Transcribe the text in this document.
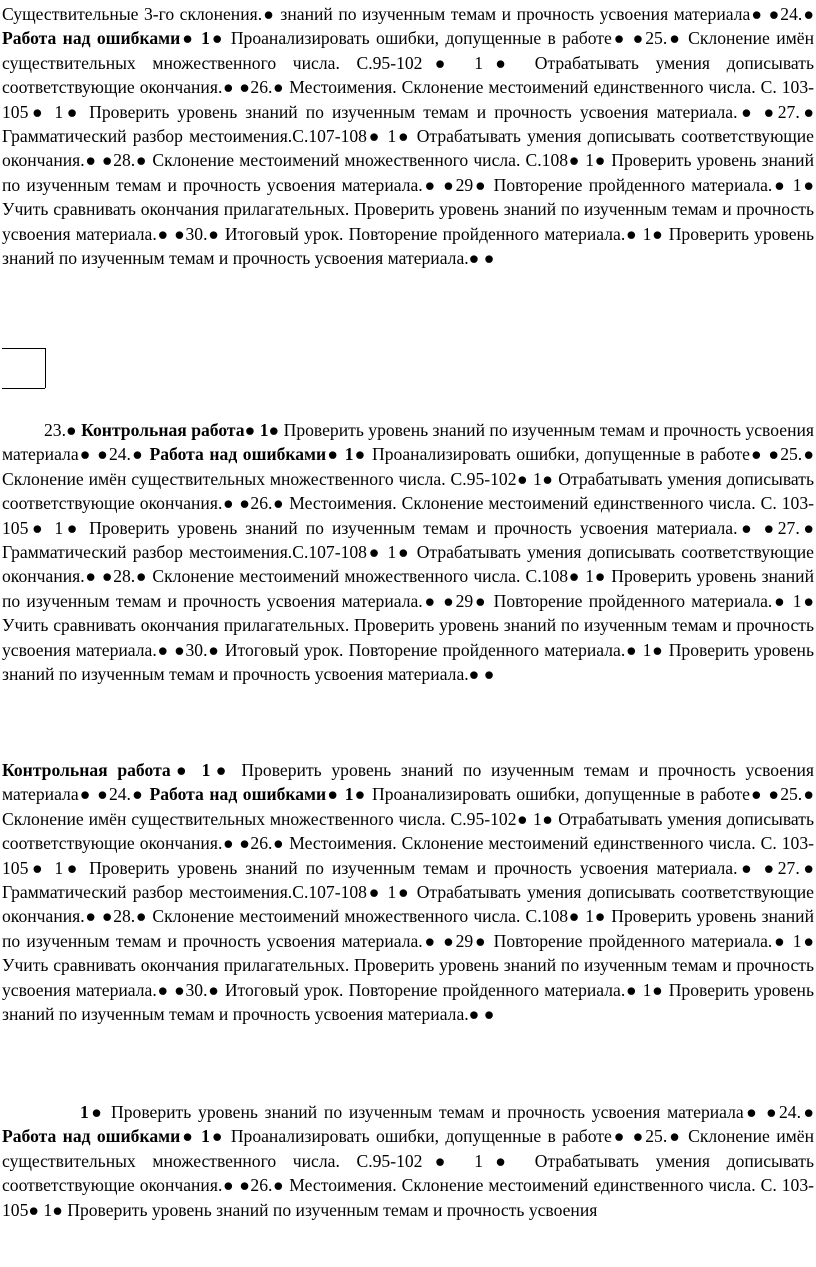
Существительные 3-го склонения.● знаний по изученным темам и прочность усвоения материала● ●24.● Работа над ошибками● 1● Проанализировать ошибки, допущенные в работе● ●25.● Склонение имён существительных множественного числа. С.95-102● 1● Отрабатывать умения дописывать соответствующие окончания.● ●26.● Местоимения. Склонение местоимений единственного числа. С. 103-105● 1● Проверить уровень знаний по изученным темам и прочность усвоения материала.● ●27.● Грамматический разбор местоимения.С.107-108● 1● Отрабатывать умения дописывать соответствующие окончания.● ●28.● Склонение местоимений множественного числа. С.108● 1● Проверить уровень знаний по изученным темам и прочность усвоения материала.● ●29● Повторение пройденного материала.● 1● Учить сравнивать окончания прилагательных. Проверить уровень знаний по изученным темам и прочность усвоения материала.● ●30.● Итоговый урок. Повторение пройденного материала.● 1● Проверить уровень знаний по изученным темам и прочность усвоения материала.● ●

23.● Контрольная работа● 1● Проверить уровень знаний по изученным темам и прочность усвоения материала● ●24.● Работа над ошибками● 1● Проанализировать ошибки, допущенные в работе● ●25.● Склонение имён существительных множественного числа. С.95-102● 1● Отрабатывать умения дописывать соответствующие окончания.● ●26.● Местоимения. Склонение местоимений единственного числа. С. 103-105● 1● Проверить уровень знаний по изученным темам и прочность усвоения материала.● ●27.● Грамматический разбор местоимения.С.107-108● 1● Отрабатывать умения дописывать соответствующие окончания.● ●28.● Склонение местоимений множественного числа. С.108● 1● Проверить уровень знаний по изученным темам и прочность усвоения материала.● ●29● Повторение пройденного материала.● 1● Учить сравнивать окончания прилагательных. Проверить уровень знаний по изученным темам и прочность усвоения материала.● ●30.● Итоговый урок. Повторение пройденного материала.● 1● Проверить уровень знаний по изученным темам и прочность усвоения материала.● ●

Контрольная работа● 1● Проверить уровень знаний по изученным темам и прочность усвоения материала● ●24.● Работа над ошибками● 1● Проанализировать ошибки, допущенные в работе● ●25.● Склонение имён существительных множественного числа. С.95-102● 1● Отрабатывать умения дописывать соответствующие окончания.● ●26.● Местоимения. Склонение местоимений единственного числа. С. 103-105● 1● Проверить уровень знаний по изученным темам и прочность усвоения материала.● ●27.● Грамматический разбор местоимения.С.107-108● 1● Отрабатывать умения дописывать соответствующие окончания.● ●28.● Склонение местоимений множественного числа. С.108● 1● Проверить уровень знаний по изученным темам и прочность усвоения материала.● ●29● Повторение пройденного материала.● 1● Учить сравнивать окончания прилагательных. Проверить уровень знаний по изученным темам и прочность усвоения материала.● ●30.● Итоговый урок. Повторение пройденного материала.● 1● Проверить уровень знаний по изученным темам и прочность усвоения материала.● ●

1● Проверить уровень знаний по изученным темам и прочность усвоения материала● ●24.● Работа над ошибками● 1● Проанализировать ошибки, допущенные в работе● ●25.● Склонение имён существительных множественного числа. С.95-102● 1● Отрабатывать умения дописывать соответствующие окончания.● ●26.● Местоимения. Склонение местоимений единственного числа. С. 103-105● 1● Проверить уровень знаний по изученным темам и прочность усвоения
